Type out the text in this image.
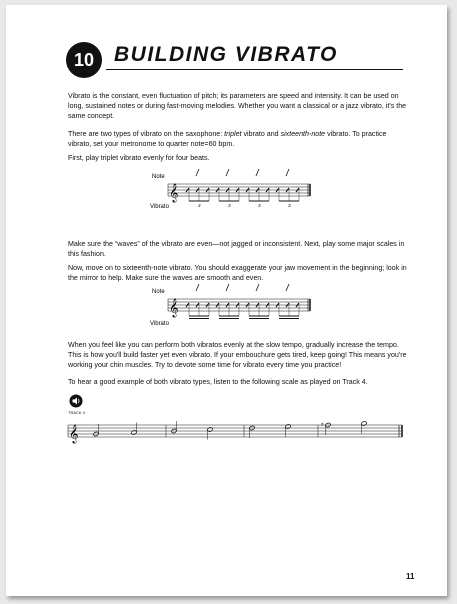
10 BUILDING VIBRATO
Vibrato is the constant, even fluctuation of pitch; its parameters are speed and intensity. It can be used on long, sustained notes or during fast-moving melodies. Whether you want a classical or a jazz vibrato, it's the same concept.
There are two types of vibrato on the saxophone: triplet vibrato and sixteenth-note vibrato. To practice vibrato, set your metronome to quarter note=60 bpm.
First, play triplet vibrato evenly for four beats.
Note
Vibrato
𝄞
3	3	3	3
Make sure the “waves” of the vibrato are even—not jagged or inconsistent. Next, play some major scales in this fashion.
Now, move on to sixteenth-note vibrato. You should exaggerate your jaw movement in the beginning; look in the mirror to help. Make sure the waves are smooth and even.
Note
Vibrato
𝄞
When you feel like you can perform both vibratos evenly at the slow tempo, gradually increase the tempo. This is how you'll build faster yet even vibrato. If your embouchure gets tired, keep going! This means you're working your chin muscles. Try to devote some time for vibrato every time you practice!
To hear a good example of both vibrato types, listen to the following scale as played on Track 4.
TRACK 4
𝄞	♯
11
